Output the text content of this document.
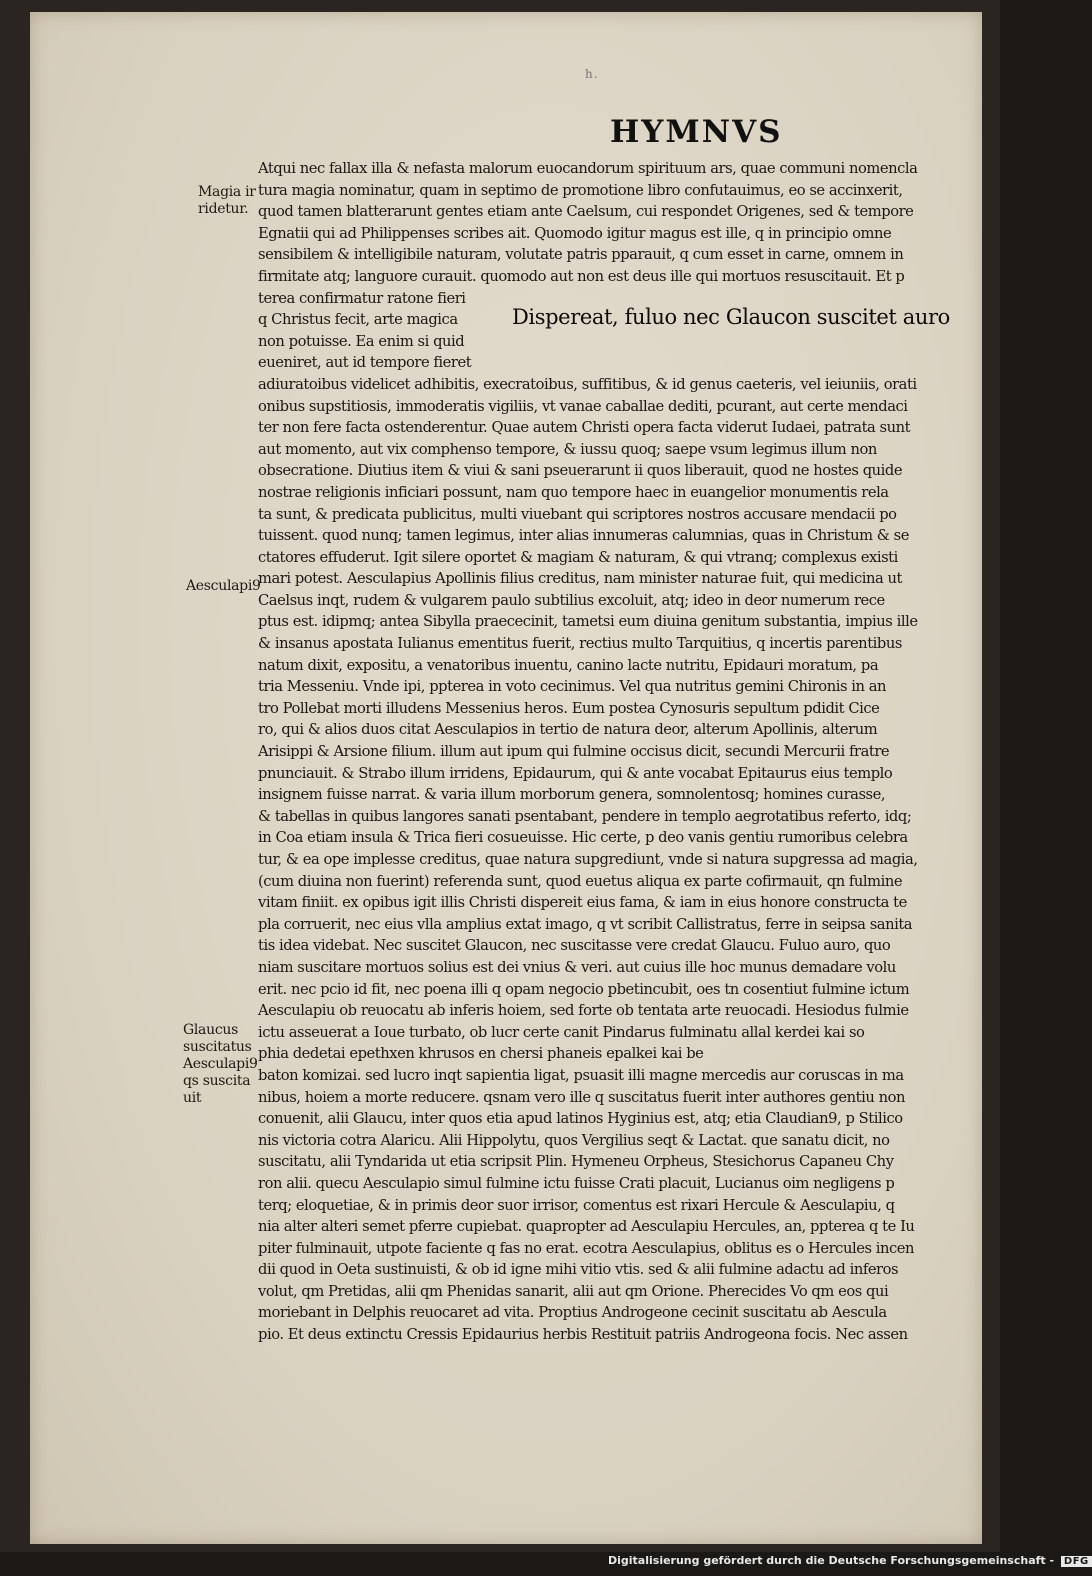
h.
HYMNVS
Magia ir
ridetur.
Aesculapi9
Glaucus
suscitatus
Aesculapi9
qs suscita
uit
Dispereat, fuluo nec Glaucon suscitet auro
Atqui nec fallax illa & nefasta malorum euocandorum spirituum ars, quae communi nomencla
tura magia nominatur, quam in septimo de promotione libro confutauimus, eo se accinxerit,
quod tamen blatterarunt gentes etiam ante Caelsum, cui respondet Origenes, sed & tempore
Egnatii qui ad Philippenses scribes ait. Quomodo igitur magus est ille, q in principio omne
sensibilem & intelligibile naturam, volutate patris pparauit, q cum esset in carne, omnem in
firmitate atq; languore curauit. quomodo aut non est deus ille qui mortuos resuscitauit. Et p
terea confirmatur ratone fieri
q Christus fecit, arte magica
non potuisse. Ea enim si quid
eueniret, aut id tempore fieret
adiuratoibus videlicet adhibitis, execratoibus, suffitibus, & id genus caeteris, vel ieiuniis, orati
onibus supstitiosis, immoderatis vigiliis, vt vanae caballae dediti, pcurant, aut certe mendaci
ter non fere facta ostenderentur. Quae autem Christi opera facta viderut Iudaei, patrata sunt
aut momento, aut vix comphenso tempore, & iussu quoq; saepe vsum legimus illum non
obsecratione. Diutius item & viui & sani pseuerarunt ii quos liberauit, quod ne hostes quide
nostrae religionis inficiari possunt, nam quo tempore haec in euangelior monumentis rela
ta sunt, & predicata publicitus, multi viuebant qui scriptores nostros accusare mendacii po
tuissent. quod nunq; tamen legimus, inter alias innumeras calumnias, quas in Christum & se
ctatores effuderut. Igit silere oportet & magiam & naturam, & qui vtranq; complexus existi
mari potest. Aesculapius Apollinis filius creditus, nam minister naturae fuit, qui medicina ut
Caelsus inqt, rudem & vulgarem paulo subtilius excoluit, atq; ideo in deor numerum rece
ptus est. idipmq; antea Sibylla praececinit, tametsi eum diuina genitum substantia, impius ille
& insanus apostata Iulianus ementitus fuerit, rectius multo Tarquitius, q incertis parentibus
natum dixit, expositu, a venatoribus inuentu, canino lacte nutritu, Epidauri moratum, pa
tria Messeniu. Vnde ipi, ppterea in voto cecinimus. Vel qua nutritus gemini Chironis in an
tro Pollebat morti illudens Messenius heros. Eum postea Cynosuris sepultum pdidit Cice
ro, qui & alios duos citat Aesculapios in tertio de natura deor, alterum Apollinis, alterum
Arisippi & Arsione filium. illum aut ipum qui fulmine occisus dicit, secundi Mercurii fratre
pnunciauit. & Strabo illum irridens, Epidaurum, qui & ante vocabat Epitaurus eius templo
insignem fuisse narrat. & varia illum morborum genera, somnolentosq; homines curasse,
& tabellas in quibus langores sanati psentabant, pendere in templo aegrotatibus referto, idq;
in Coa etiam insula & Trica fieri cosueuisse. Hic certe, p deo vanis gentiu rumoribus celebra
tur, & ea ope implesse creditus, quae natura supgrediunt, vnde si natura supgressa ad magia,
(cum diuina non fuerint) referenda sunt, quod euetus aliqua ex parte cofirmauit, qn fulmine
vitam finiit. ex opibus igit illis Christi dispereit eius fama, & iam in eius honore constructa te
pla corruerit, nec eius vlla amplius extat imago, q vt scribit Callistratus, ferre in seipsa sanita
tis idea videbat. Nec suscitet Glaucon, nec suscitasse vere credat Glaucu. Fuluo auro, quo
niam suscitare mortuos solius est dei vnius & veri. aut cuius ille hoc munus demadare volu
erit. nec pcio id fit, nec poena illi q opam negocio pbetincubit, oes tn cosentiut fulmine ictum
Aesculapiu ob reuocatu ab inferis hoiem, sed forte ob tentata arte reuocadi. Hesiodus fulmie
ictu asseuerat a Ioue turbato, ob lucr certe canit Pindarus fulminatu allal kerdei kai so
phia dedetai epethxen khrusos en chersi phaneis epalkei kai be
baton komizai. sed lucro inqt sapientia ligat, psuasit illi magne mercedis aur coruscas in ma
nibus, hoiem a morte reducere. qsnam vero ille q suscitatus fuerit inter authores gentiu non
conuenit, alii Glaucu, inter quos etia apud latinos Hyginius est, atq; etia Claudian9, p Stilico
nis victoria cotra Alaricu. Alii Hippolytu, quos Vergilius seqt & Lactat. que sanatu dicit, no
suscitatu, alii Tyndarida ut etia scripsit Plin. Hymeneu Orpheus, Stesichorus Capaneu Chy
ron alii. quecu Aesculapio simul fulmine ictu fuisse Crati placuit, Lucianus oim negligens p
terq; eloquetiae, & in primis deor suor irrisor, comentus est rixari Hercule & Aesculapiu, q
nia alter alteri semet pferre cupiebat. quapropter ad Aesculapiu Hercules, an, ppterea q te Iu
piter fulminauit, utpote faciente q fas no erat. ecotra Aesculapius, oblitus es o Hercules incen
dii quod in Oeta sustinuisti, & ob id igne mihi vitio vtis. sed & alii fulmine adactu ad inferos
volut, qm Pretidas, alii qm Phenidas sanarit, alii aut qm Orione. Pherecides Vo qm eos qui
moriebant in Delphis reuocaret ad vita. Proptius Androgeone cecinit suscitatu ab Aescula
pio. Et deus extinctu Cressis Epidaurius herbis Restituit patriis Androgeona focis. Nec assen
Digitalisierung gefördert durch die Deutsche Forschungsgemeinschaft - DFG
